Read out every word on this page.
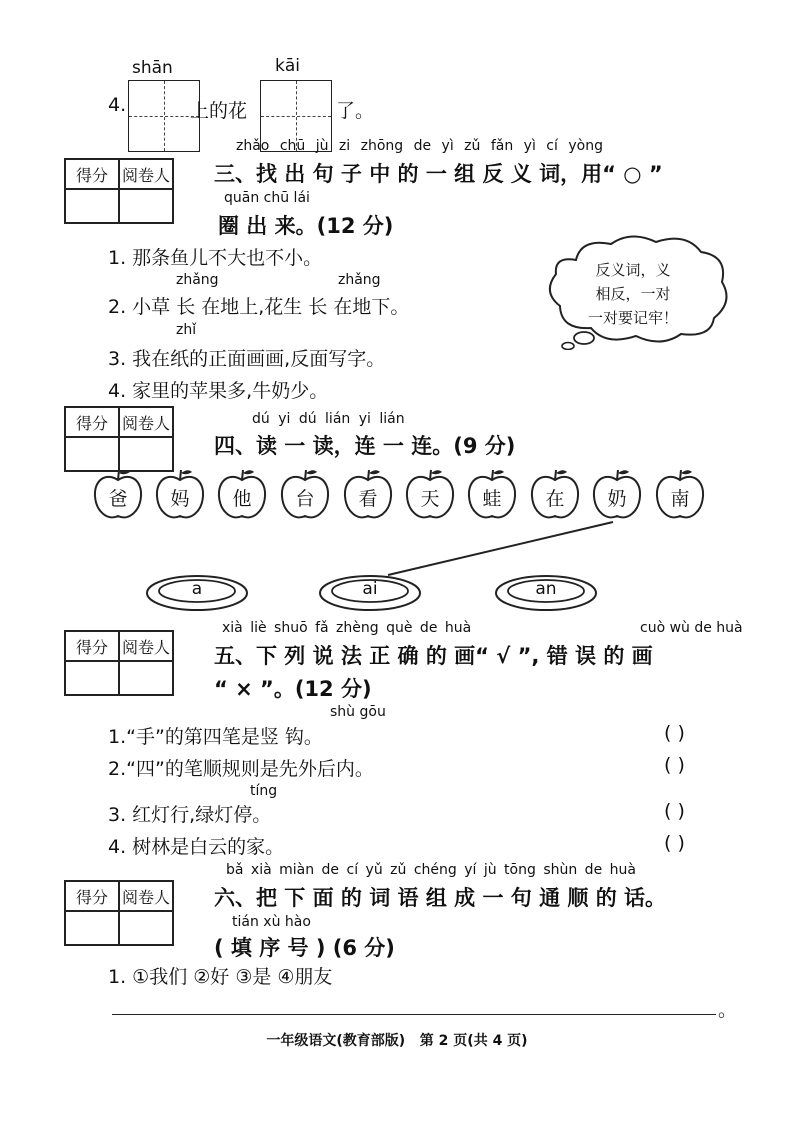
4.
shān
上的花
kāi
了。
得分	阅卷人

zhǎo chū jù zi zhōng de yì zǔ fǎn yì cí yòng
三、找 出 句 子 中 的 一 组 反 义 词，用“ ○ ”
quān chū lái
圈 出 来。(12 分)
1. 那条鱼儿不大也不小。
zhǎng	zhǎng
2. 小草 长 在地上,花生 长 在地下。
zhǐ
3. 我在纸的正面画画,反面写字。
4. 家里的苹果多,牛奶少。
反义词，义
相反，一对
一对要记牢！
得分	阅卷人
		dú yi dú lián yi lián
四、读 一 读，连 一 连。(9 分)
爸	妈	他	台	看	天	蛙	在	奶	南
a	ai	an
得分	阅卷人

xià liè shuō fǎ zhèng què de huà	cuò wù de huà
五、下 列 说 法 正 确 的 画“ √ ”, 错 误 的 画
“ × ”。(12 分)
shù gōu
1.“手”的第四笔是竖 钩。	( )
2.“四”的笔顺规则是先外后内。	( )
tíng
3. 红灯行,绿灯停。	( )
4. 树林是白云的家。	( )
得分	阅卷人

bǎ xià miàn de cí yǔ zǔ chéng yí jù tōng shùn de huà
六、把 下 面 的 词 语 组 成 一 句 通 顺 的 话。
tián xù hào
( 填 序 号 ) (6 分)
1. ①我们 ②好 ③是 ④朋友
。
一年级语文(教育部版)   第 2 页(共 4 页)
